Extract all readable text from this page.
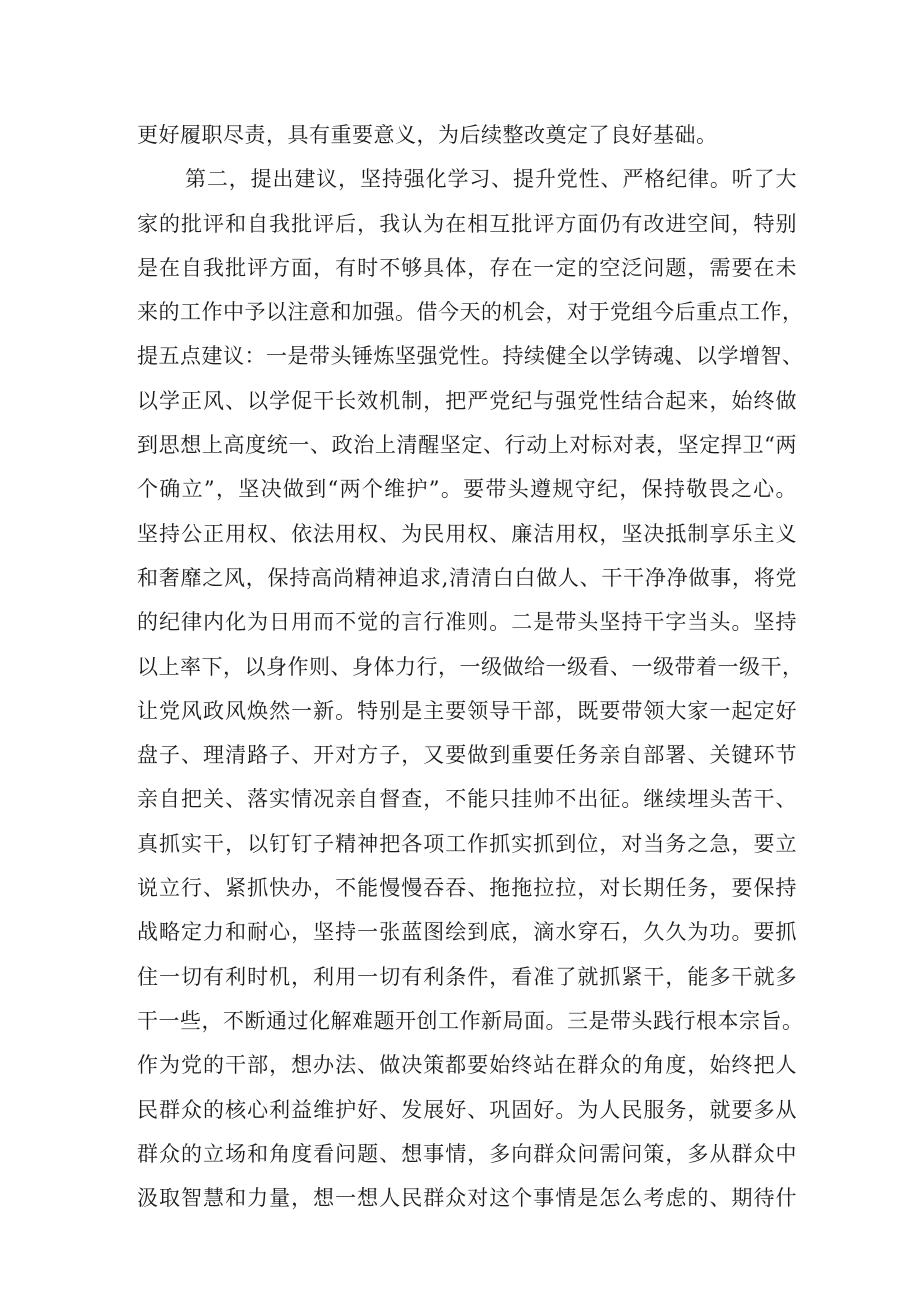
更好履职尽责，具有重要意义，为后续整改奠定了良好基础。
第二，提出建议，坚持强化学习、提升党性、严格纪律。听了大
家的批评和自我批评后，我认为在相互批评方面仍有改进空间，特别
是在自我批评方面，有时不够具体，存在一定的空泛问题，需要在未
来的工作中予以注意和加强。借今天的机会，对于党组今后重点工作，
提五点建议：一是带头锤炼坚强党性。持续健全以学铸魂、以学增智、
以学正风、以学促干长效机制，把严党纪与强党性结合起来，始终做
到思想上高度统一、政治上清醒坚定、行动上对标对表，坚定捍卫“两
个确立”，坚决做到“两个维护”。要带头遵规守纪，保持敬畏之心。
坚持公正用权、依法用权、为民用权、廉洁用权，坚决抵制享乐主义
和奢靡之风，保持高尚精神追求,清清白白做人、干干净净做事，将党
的纪律内化为日用而不觉的言行准则。二是带头坚持干字当头。坚持
以上率下，以身作则、身体力行，一级做给一级看、一级带着一级干，
让党风政风焕然一新。特别是主要领导干部，既要带领大家一起定好
盘子、理清路子、开对方子，又要做到重要任务亲自部署、关键环节
亲自把关、落实情况亲自督查，不能只挂帅不出征。继续埋头苦干、
真抓实干，以钉钉子精神把各项工作抓实抓到位，对当务之急，要立
说立行、紧抓快办，不能慢慢吞吞、拖拖拉拉，对长期任务，要保持
战略定力和耐心，坚持一张蓝图绘到底，滴水穿石，久久为功。要抓
住一切有利时机，利用一切有利条件，看准了就抓紧干，能多干就多
干一些，不断通过化解难题开创工作新局面。三是带头践行根本宗旨。
作为党的干部，想办法、做决策都要始终站在群众的角度，始终把人
民群众的核心利益维护好、发展好、巩固好。为人民服务，就要多从
群众的立场和角度看问题、想事情，多向群众问需问策，多从群众中
汲取智慧和力量，想一想人民群众对这个事情是怎么考虑的、期待什
